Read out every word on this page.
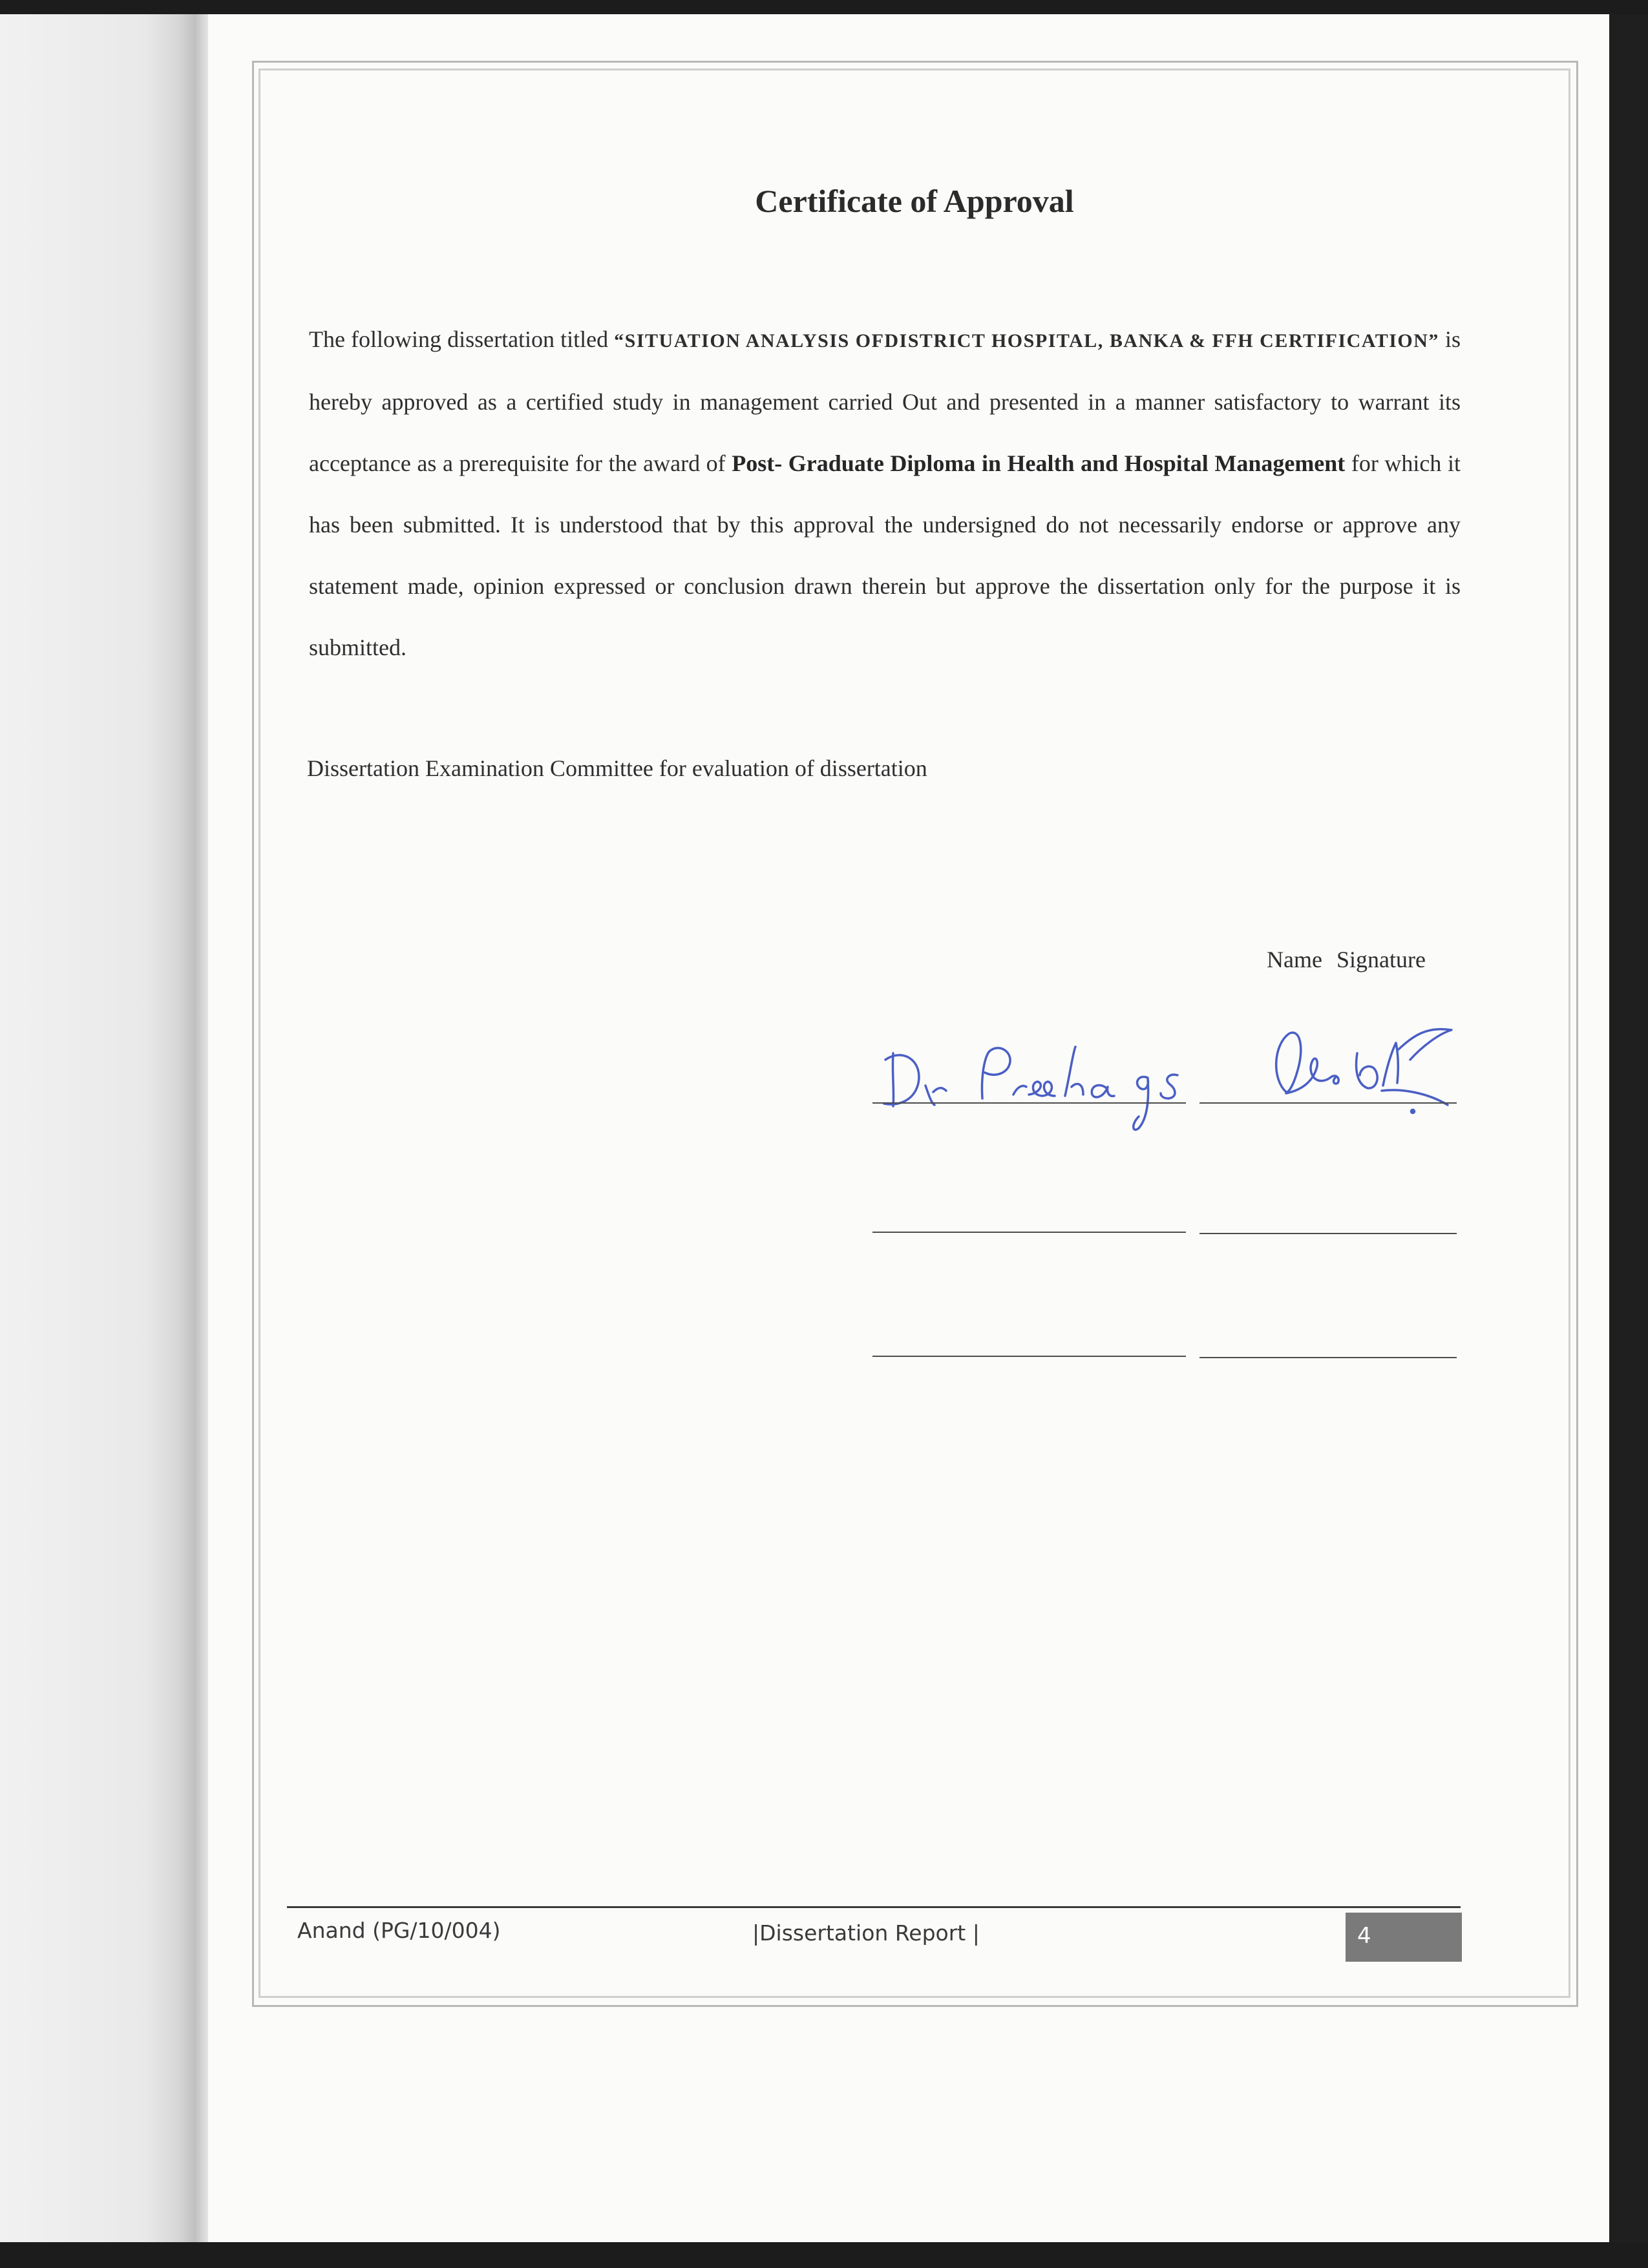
Certificate of Approval
The following dissertation titled “SITUATION ANALYSIS OFDISTRICT HOSPITAL, BANKA & FFH CERTIFICATION” is hereby approved as a certified study in management carried Out and presented in a manner satisfactory to warrant its acceptance as a prerequisite for the award of Post- Graduate Diploma in Health and Hospital Management for which it has been submitted. It is understood that by this approval the undersigned do not necessarily endorse or approve any statement made, opinion expressed or conclusion drawn therein but approve the dissertation only for the purpose it is submitted.
Dissertation Examination Committee for evaluation of dissertation
Name Signature
Anand (PG/10/004)	|Dissertation Report |	4
